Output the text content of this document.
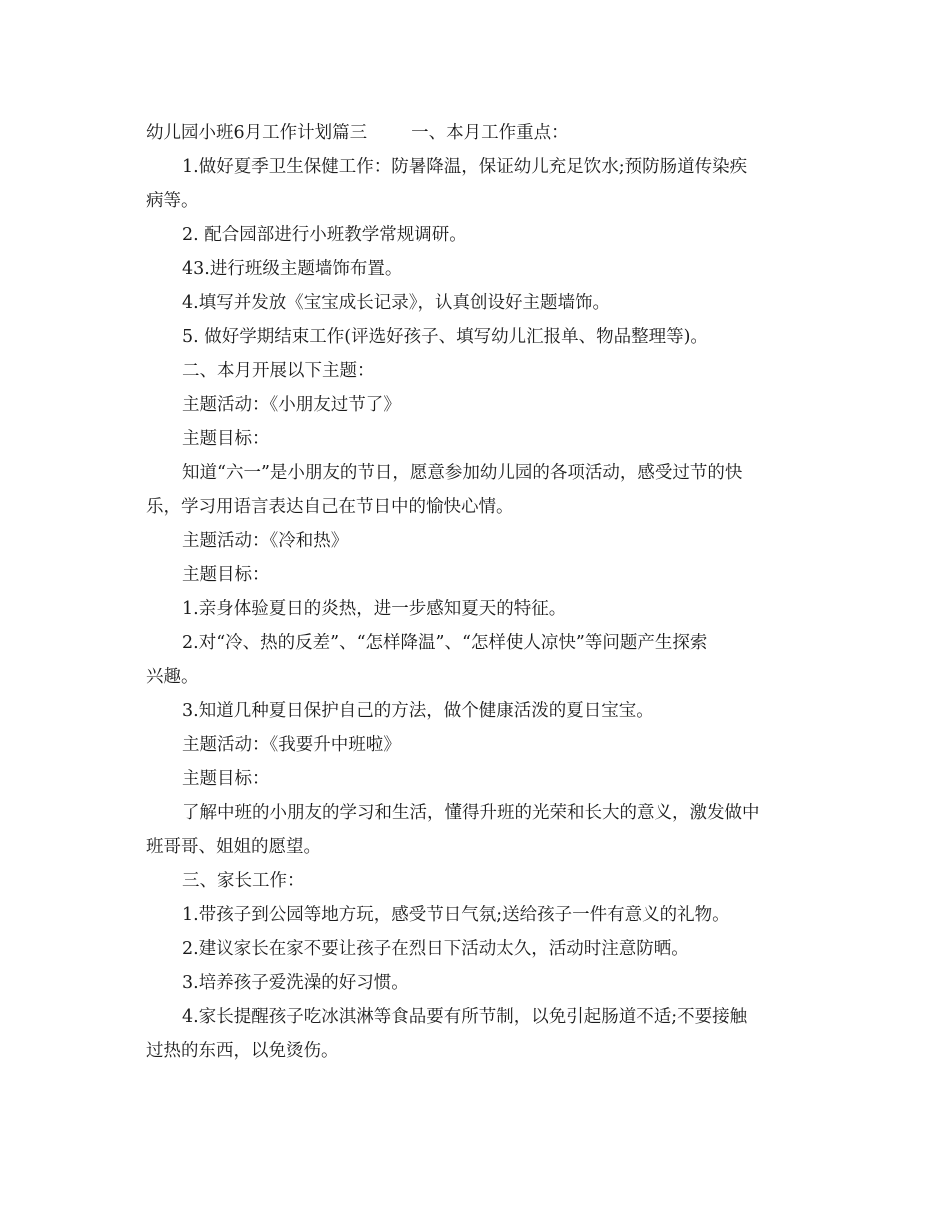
幼儿园小班6月工作计划篇三	一、本月工作重点：
1.做好夏季卫生保健工作：防暑降温，保证幼儿充足饮水;预防肠道传染疾
病等。
2. 配合园部进行小班教学常规调研。
43.进行班级主题墙饰布置。
4.填写并发放《宝宝成长记录》，认真创设好主题墙饰。
5. 做好学期结束工作(评选好孩子、填写幼儿汇报单、物品整理等)。
二、本月开展以下主题：
主题活动：《小朋友过节了》
主题目标：
知道“六一”是小朋友的节日，愿意参加幼儿园的各项活动，感受过节的快
乐，学习用语言表达自己在节日中的愉快心情。
主题活动：《冷和热》
主题目标：
1.亲身体验夏日的炎热，进一步感知夏天的特征。
2.对“冷、热的反差”、“怎样降温”、“怎样使人凉快”等问题产生探索
兴趣。
3.知道几种夏日保护自己的方法，做个健康活泼的夏日宝宝。
主题活动：《我要升中班啦》
主题目标：
了解中班的小朋友的学习和生活，懂得升班的光荣和长大的意义，激发做中
班哥哥、姐姐的愿望。
三、家长工作：
1.带孩子到公园等地方玩，感受节日气氛;送给孩子一件有意义的礼物。
2.建议家长在家不要让孩子在烈日下活动太久，活动时注意防晒。
3.培养孩子爱洗澡的好习惯。
4.家长提醒孩子吃冰淇淋等食品要有所节制，以免引起肠道不适;不要接触
过热的东西，以免烫伤。
